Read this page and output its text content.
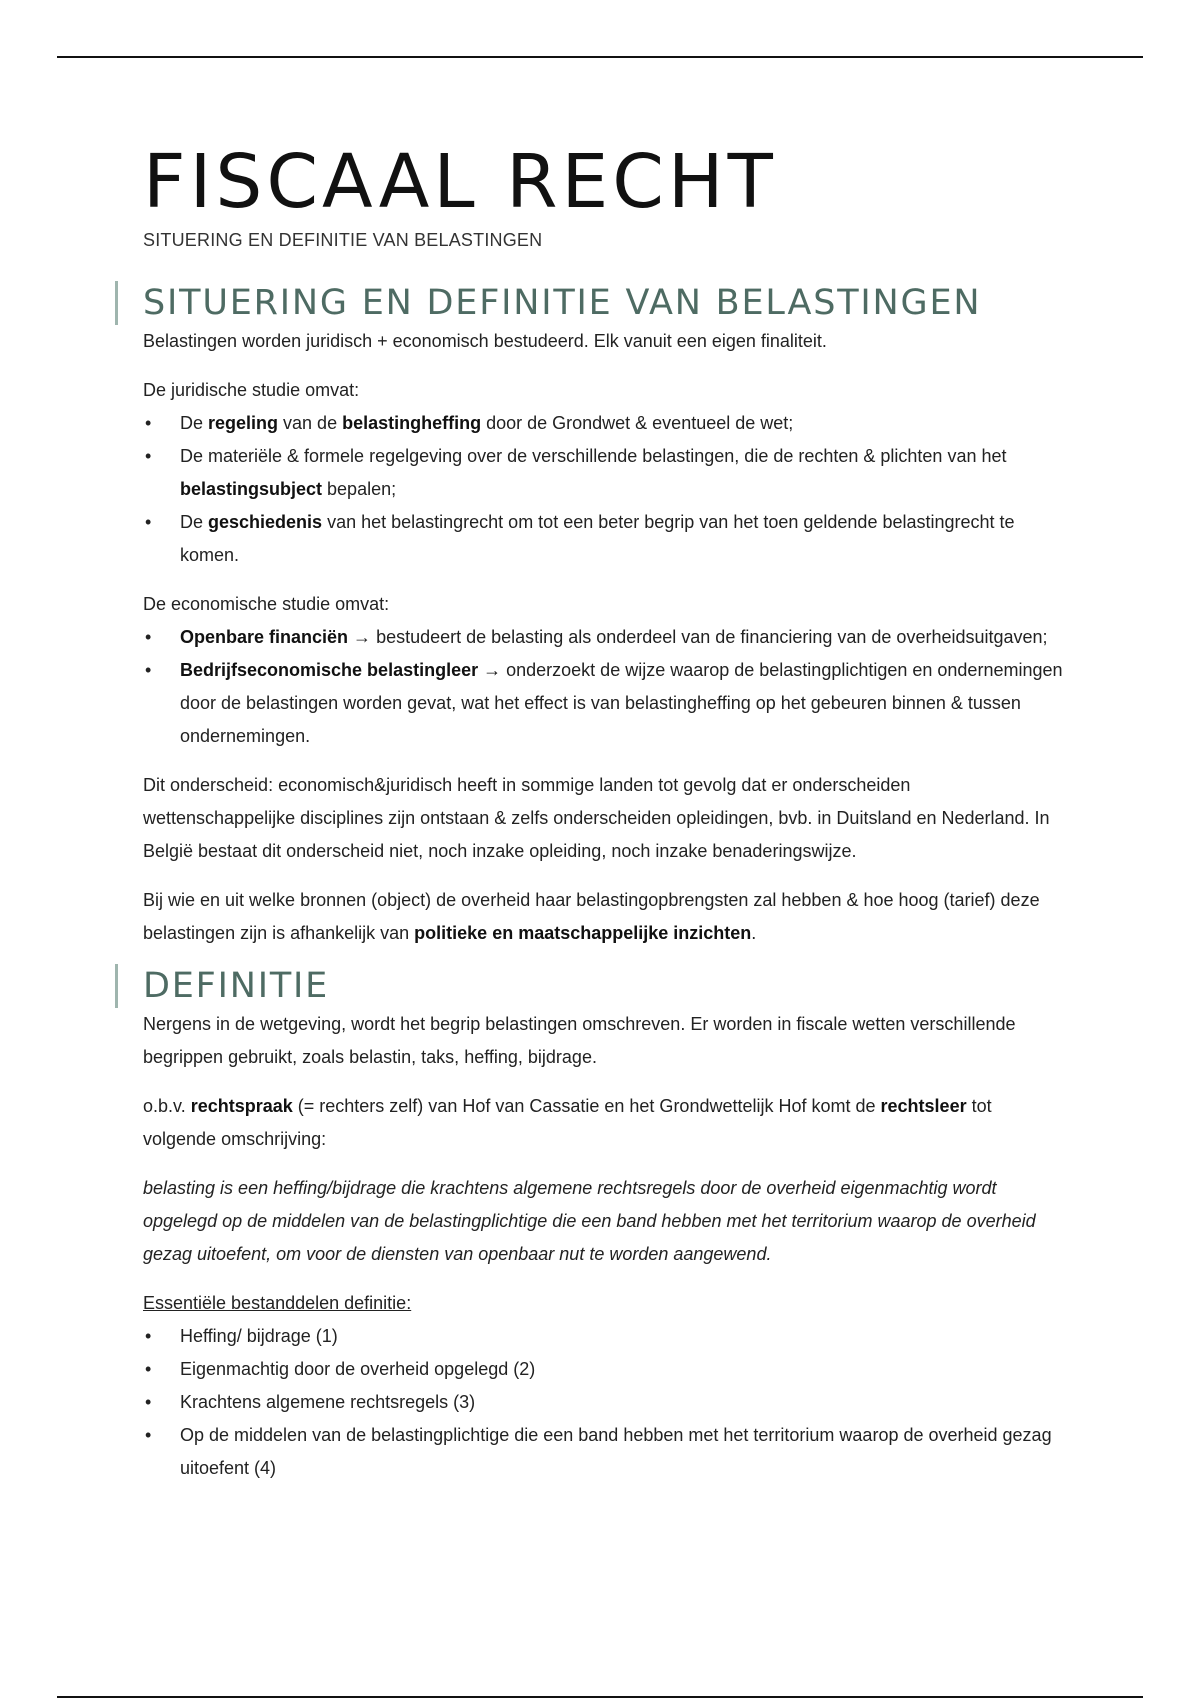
FISCAAL RECHT
SITUERING EN DEFINITIE VAN BELASTINGEN
SITUERING EN DEFINITIE VAN BELASTINGEN

Belastingen worden juridisch + economisch bestudeerd. Elk vanuit een eigen finaliteit.

De juridische studie omvat:

• De regeling van de belastingheffing door de Grondwet & eventueel de wet;
• De materiële & formele regelgeving over de verschillende belastingen, die de rechten & plichten van het belastingsubject bepalen;
• De geschiedenis van het belastingrecht om tot een beter begrip van het toen geldende belastingrecht te komen.

De economische studie omvat:

• Openbare financiën → bestudeert de belasting als onderdeel van de financiering van de overheidsuitgaven;
• Bedrijfseconomische belastingleer → onderzoekt de wijze waarop de belastingplichtigen en ondernemingen door de belastingen worden gevat, wat het effect is van belastingheffing op het gebeuren binnen & tussen ondernemingen.

Dit onderscheid: economisch&juridisch heeft in sommige landen tot gevolg dat er onderscheiden wettenschappelijke disciplines zijn ontstaan & zelfs onderscheiden opleidingen, bvb. in Duitsland en Nederland. In België bestaat dit onderscheid niet, noch inzake opleiding, noch inzake benaderingswijze.

Bij wie en uit welke bronnen (object) de overheid haar belastingopbrengsten zal hebben & hoe hoog (tarief) deze belastingen zijn is afhankelijk van politieke en maatschappelijke inzichten.

DEFINITIE

Nergens in de wetgeving, wordt het begrip belastingen omschreven. Er worden in fiscale wetten verschillende begrippen gebruikt, zoals belastin, taks, heffing, bijdrage.

o.b.v. rechtspraak (= rechters zelf) van Hof van Cassatie en het Grondwettelijk Hof komt de rechtsleer tot volgende omschrijving:

belasting is een heffing/bijdrage die krachtens algemene rechtsregels door de overheid eigenmachtig wordt opgelegd op de middelen van de belastingplichtige die een band hebben met het territorium waarop de overheid gezag uitoefent, om voor de diensten van openbaar nut te worden aangewend.

Essentiële bestanddelen definitie:

• Heffing/ bijdrage (1)
• Eigenmachtig door de overheid opgelegd (2)
• Krachtens algemene rechtsregels (3)
• Op de middelen van de belastingplichtige die een band hebben met het territorium waarop de overheid gezag uitoefent (4)
